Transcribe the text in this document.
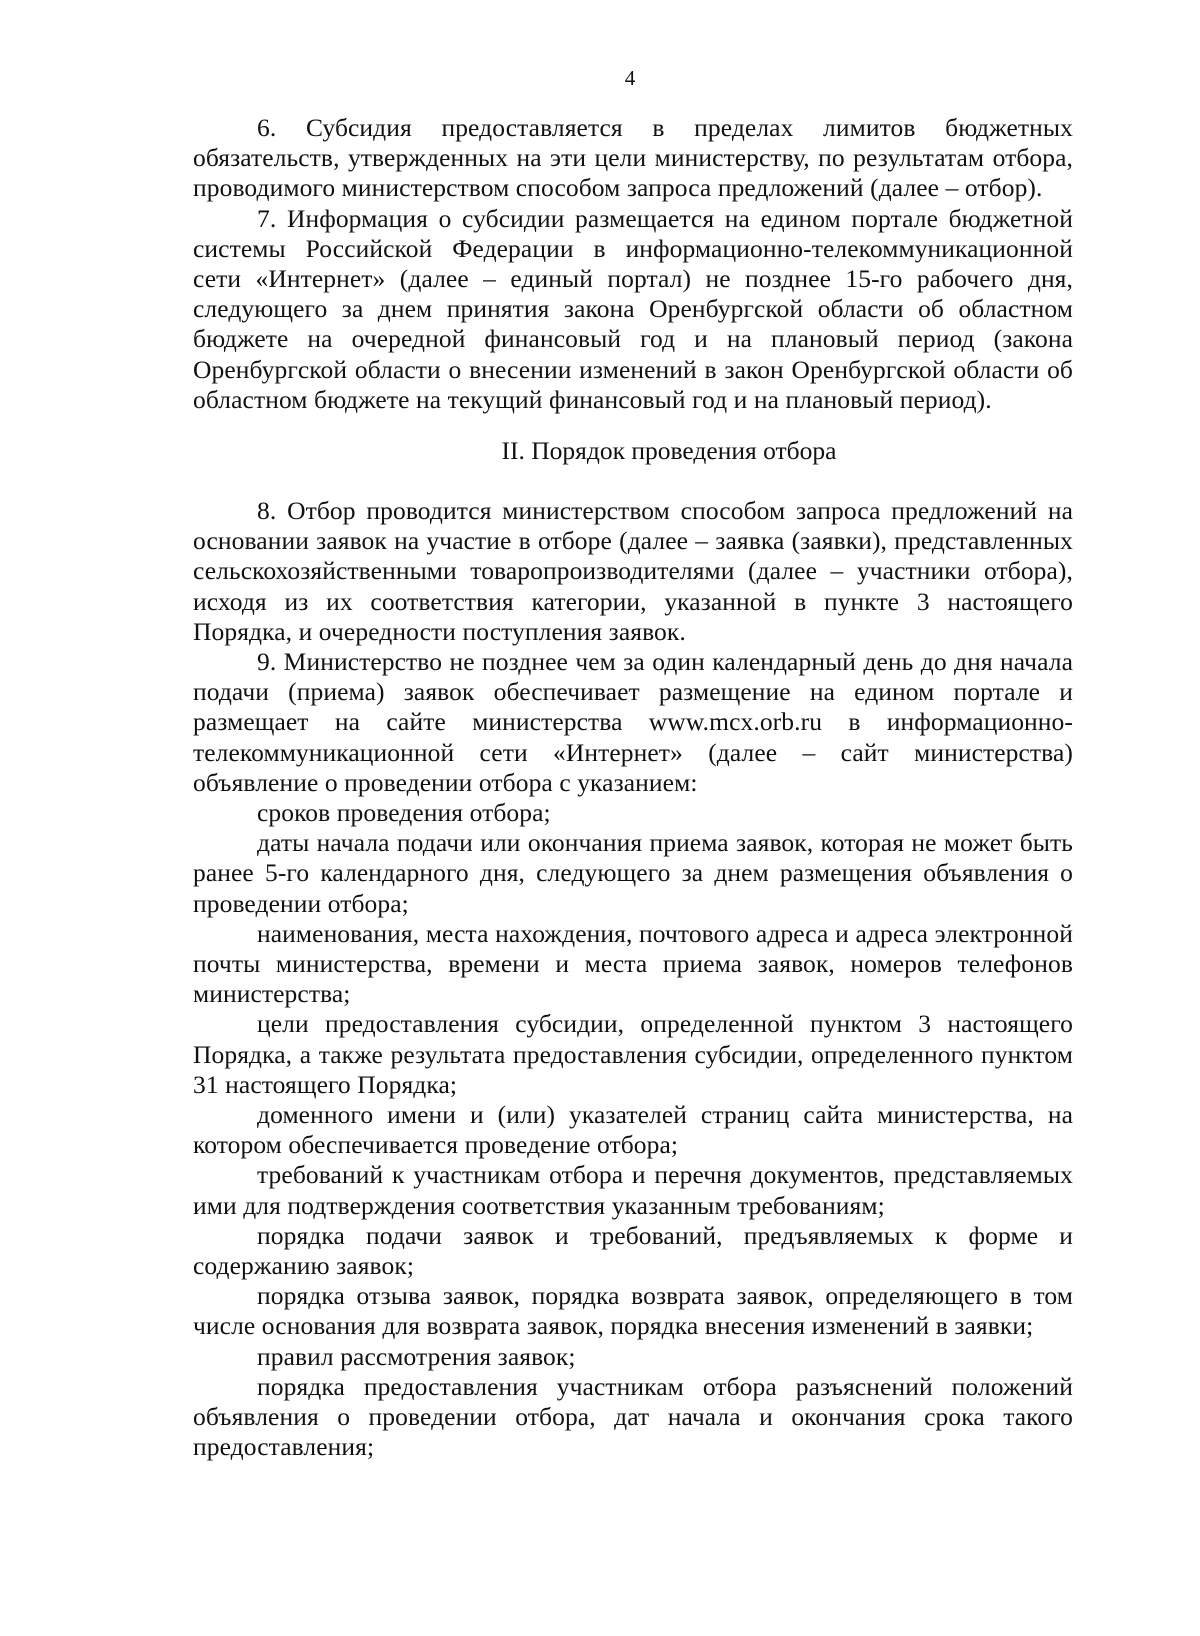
4

6. Субсидия предоставляется в пределах лимитов бюджетных обязательств, утвержденных на эти цели министерству, по результатам отбора, проводимого министерством способом запроса предложений (далее – отбор).

7. Информация о субсидии размещается на едином портале бюджетной системы Российской Федерации в информационно-телекоммуникационной сети «Интернет» (далее – единый портал) не позднее 15-го рабочего дня, следующего за днем принятия закона Оренбургской области об областном бюджете на очередной финансовый год и на плановый период (закона Оренбургской области о внесении изменений в закон Оренбургской области об областном бюджете на текущий финансовый год и на плановый период).

II. Порядок проведения отбора

8. Отбор проводится министерством способом запроса предложений на основании заявок на участие в отборе (далее – заявка (заявки), представленных сельскохозяйственными товаропроизводителями (далее – участники отбора), исходя из их соответствия категории, указанной в пункте 3 настоящего Порядка, и очередности поступления заявок.

9. Министерство не позднее чем за один календарный день до дня начала подачи (приема) заявок обеспечивает размещение на едином портале и размещает на сайте министерства www.mcx.orb.ru в информационно-телекоммуникационной сети «Интернет» (далее – сайт министерства) объявление о проведении отбора с указанием:

сроков проведения отбора;

даты начала подачи или окончания приема заявок, которая не может быть ранее 5-го календарного дня, следующего за днем размещения объявления о проведении отбора;

наименования, места нахождения, почтового адреса и адреса электронной почты министерства, времени и места приема заявок, номеров телефонов министерства;

цели предоставления субсидии, определенной пунктом 3 настоящего Порядка, а также результата предоставления субсидии, определенного пунктом 31 настоящего Порядка;

доменного имени и (или) указателей страниц сайта министерства, на котором обеспечивается проведение отбора;

требований к участникам отбора и перечня документов, представляемых ими для подтверждения соответствия указанным требованиям;

порядка подачи заявок и требований, предъявляемых к форме и содержанию заявок;

порядка отзыва заявок, порядка возврата заявок, определяющего в том числе основания для возврата заявок, порядка внесения изменений в заявки;

правил рассмотрения заявок;

порядка предоставления участникам отбора разъяснений положений объявления о проведении отбора, дат начала и окончания срока такого предоставления;
